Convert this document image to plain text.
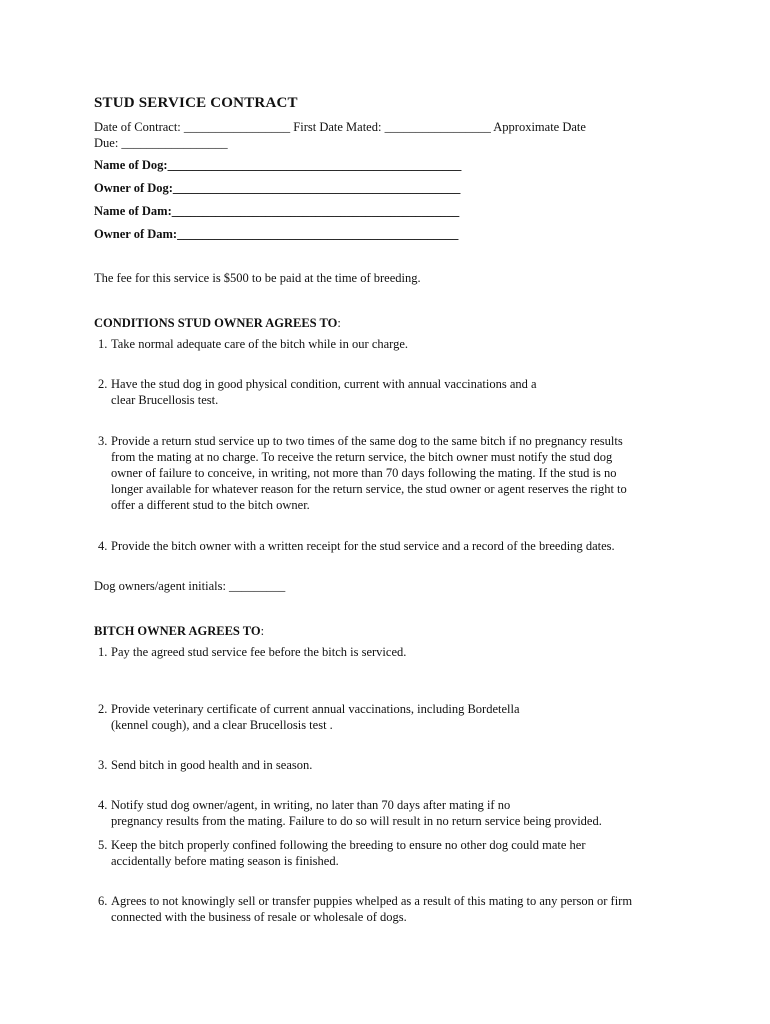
STUD SERVICE CONTRACT
Date of Contract: _________________ First Date Mated: _________________ Approximate Date
Due: _________________
Name of Dog:_______________________________________________
Owner of Dog:______________________________________________
Name of Dam:______________________________________________
Owner of Dam:_____________________________________________
The fee for this service is $500 to be paid at the time of breeding.
CONDITIONS STUD OWNER AGREES TO:
1. Take normal adequate care of the bitch while in our charge.
2. Have the stud dog in good physical condition, current with annual vaccinations and a
clear Brucellosis test.
3. Provide a return stud service up to two times of the same dog to the same bitch if no pregnancy results
from the mating at no charge. To receive the return service, the bitch owner must notify the stud dog
owner of failure to conceive, in writing, not more than 70 days following the mating. If the stud is no
longer available for whatever reason for the return service, the stud owner or agent reserves the right to
offer a different stud to the bitch owner.
4. Provide the bitch owner with a written receipt for the stud service and a record of the breeding dates.
Dog owners/agent initials: _________
BITCH OWNER AGREES TO:
1. Pay the agreed stud service fee before the bitch is serviced.
2. Provide veterinary certificate of current annual vaccinations, including Bordetella
(kennel cough), and a clear Brucellosis test .
3. Send bitch in good health and in season.
4. Notify stud dog owner/agent, in writing, no later than 70 days after mating if no
pregnancy results from the mating. Failure to do so will result in no return service being provided.
5. Keep the bitch properly confined following the breeding to ensure no other dog could mate her
accidentally before mating season is finished.
6. Agrees to not knowingly sell or transfer puppies whelped as a result of this mating to any person or firm
connected with the business of resale or wholesale of dogs.
